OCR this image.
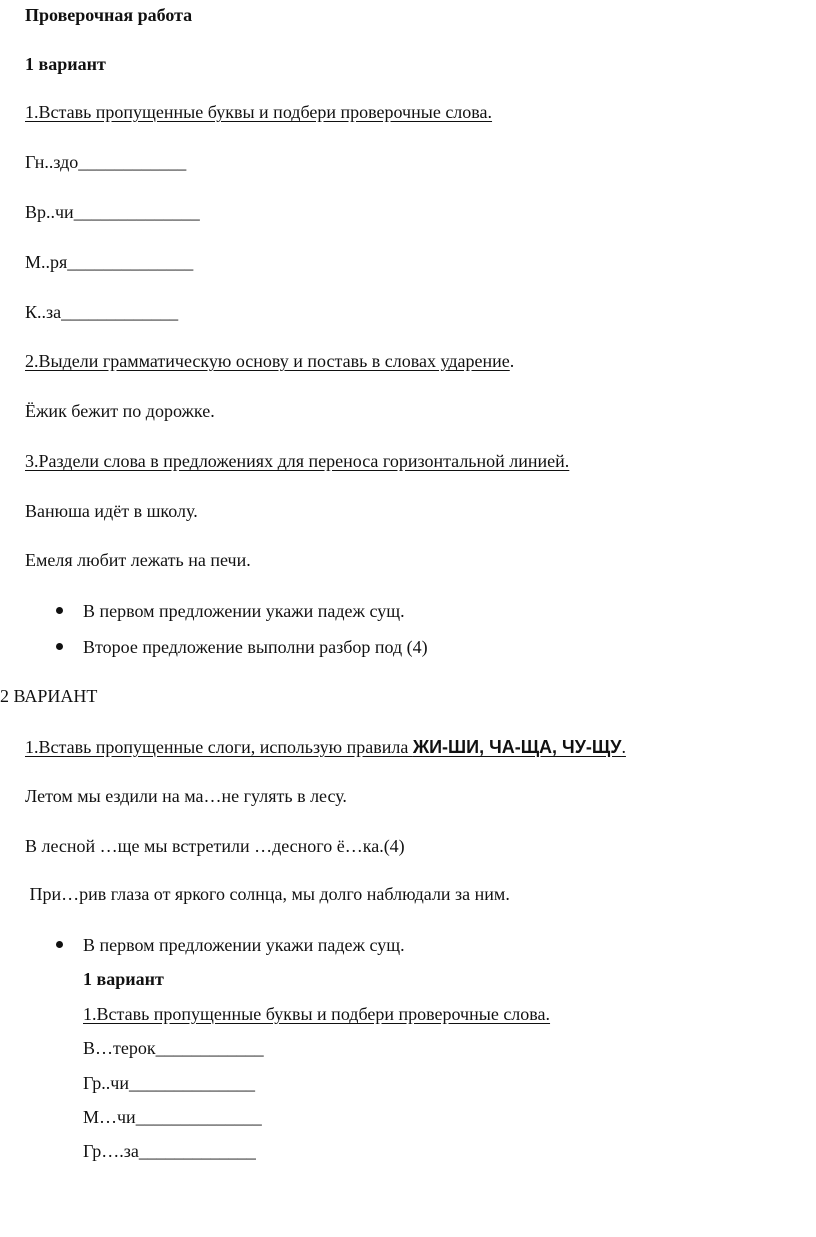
Проверочная работа
1 вариант
1.Вставь пропущенные буквы и подбери проверочные слова.
Гн..здо____________
Вр..чи______________
М..ря______________
К..за_____________
2.Выдели грамматическую основу и поставь в словах ударение.
Ёжик бежит по дорожке.
3.Раздели слова в предложениях для переноса горизонтальной линией.
Ванюша идёт в школу.
Емеля любит лежать на печи.
В первом предложении укажи падеж сущ.
Второе предложение выполни разбор под (4)
2 ВАРИАНТ
1.Вставь пропущенные слоги, использую правила ЖИ-ШИ, ЧА-ЩА, ЧУ-ЩУ.
Летом мы ездили на ма…не гулять в лесу.
В лесной …ще мы встретили …десного ё…ка.(4)
При…рив глаза от яркого солнца, мы долго наблюдали за ним.
В первом предложении укажи падеж сущ.
1 вариант
1.Вставь пропущенные буквы и подбери проверочные слова.
В…терок____________
Гр..чи______________
М…чи______________
Гр….за_____________
